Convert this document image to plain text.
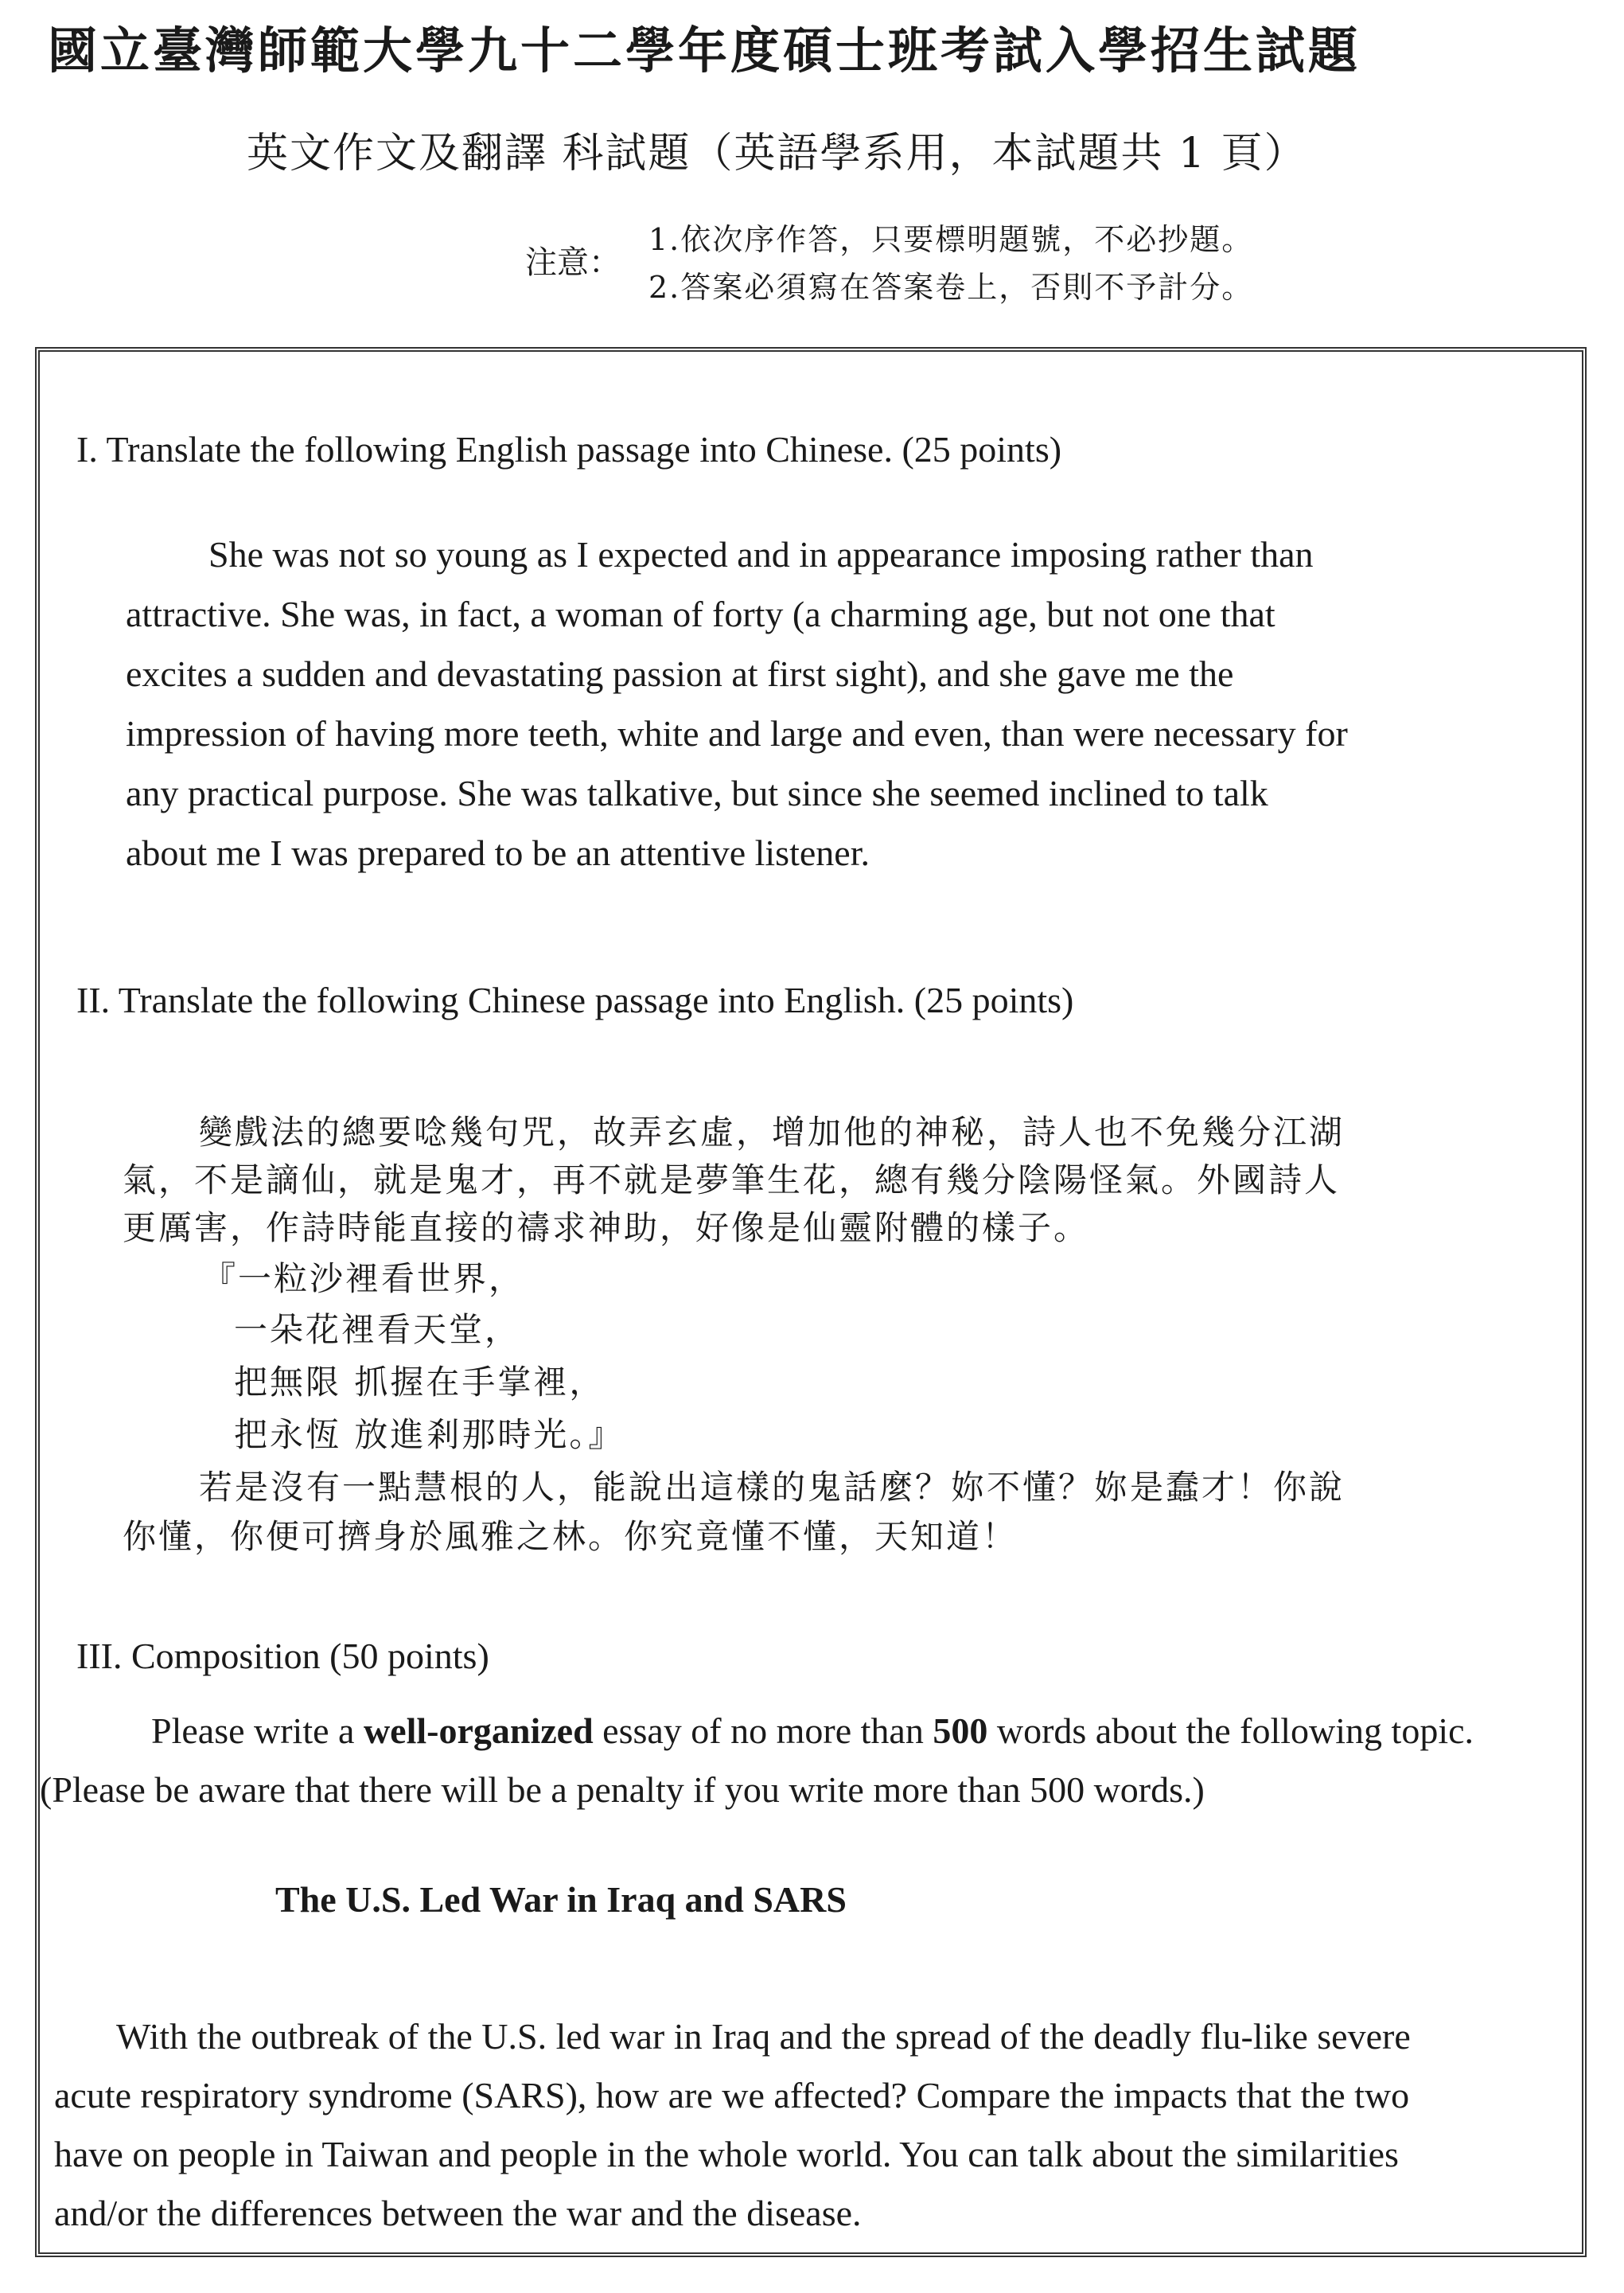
國立臺灣師範大學九十二學年度碩士班考試入學招生試題
英文作文及翻譯 科試題（英語學系用，本試題共 1 頁）
注意：
1.依次序作答，只要標明題號，不必抄題。
2.答案必須寫在答案卷上，否則不予計分。
I. Translate the following English passage into Chinese. (25 points)
She was not so young as I expected and in appearance imposing rather than
attractive. She was, in fact, a woman of forty (a charming age, but not one that
excites a sudden and devastating passion at first sight), and she gave me the
impression of having more teeth, white and large and even, than were necessary for
any practical purpose. She was talkative, but since she seemed inclined to talk
about me I was prepared to be an attentive listener.
II. Translate the following Chinese passage into English. (25 points)
變戲法的總要唸幾句咒，故弄玄虛，增加他的神秘，詩人也不免幾分江湖
氣，不是謫仙，就是鬼才，再不就是夢筆生花，總有幾分陰陽怪氣。外國詩人
更厲害，作詩時能直接的禱求神助，好像是仙靈附體的樣子。
『一粒沙裡看世界，
一朵花裡看天堂，
把無限 抓握在手掌裡，
把永恆 放進剎那時光。』
若是沒有一點慧根的人，能說出這樣的鬼話麼？妳不懂？妳是蠢才！你說
你懂，你便可擠身於風雅之林。你究竟懂不懂，天知道！
III. Composition (50 points)
Please write a well-organized essay of no more than 500 words about the following topic.
(Please be aware that there will be a penalty if you write more than 500 words.)
The U.S. Led War in Iraq and SARS
With the outbreak of the U.S. led war in Iraq and the spread of the deadly flu-like severe
acute respiratory syndrome (SARS), how are we affected? Compare the impacts that the two
have on people in Taiwan and people in the whole world. You can talk about the similarities
and/or the differences between the war and the disease.
